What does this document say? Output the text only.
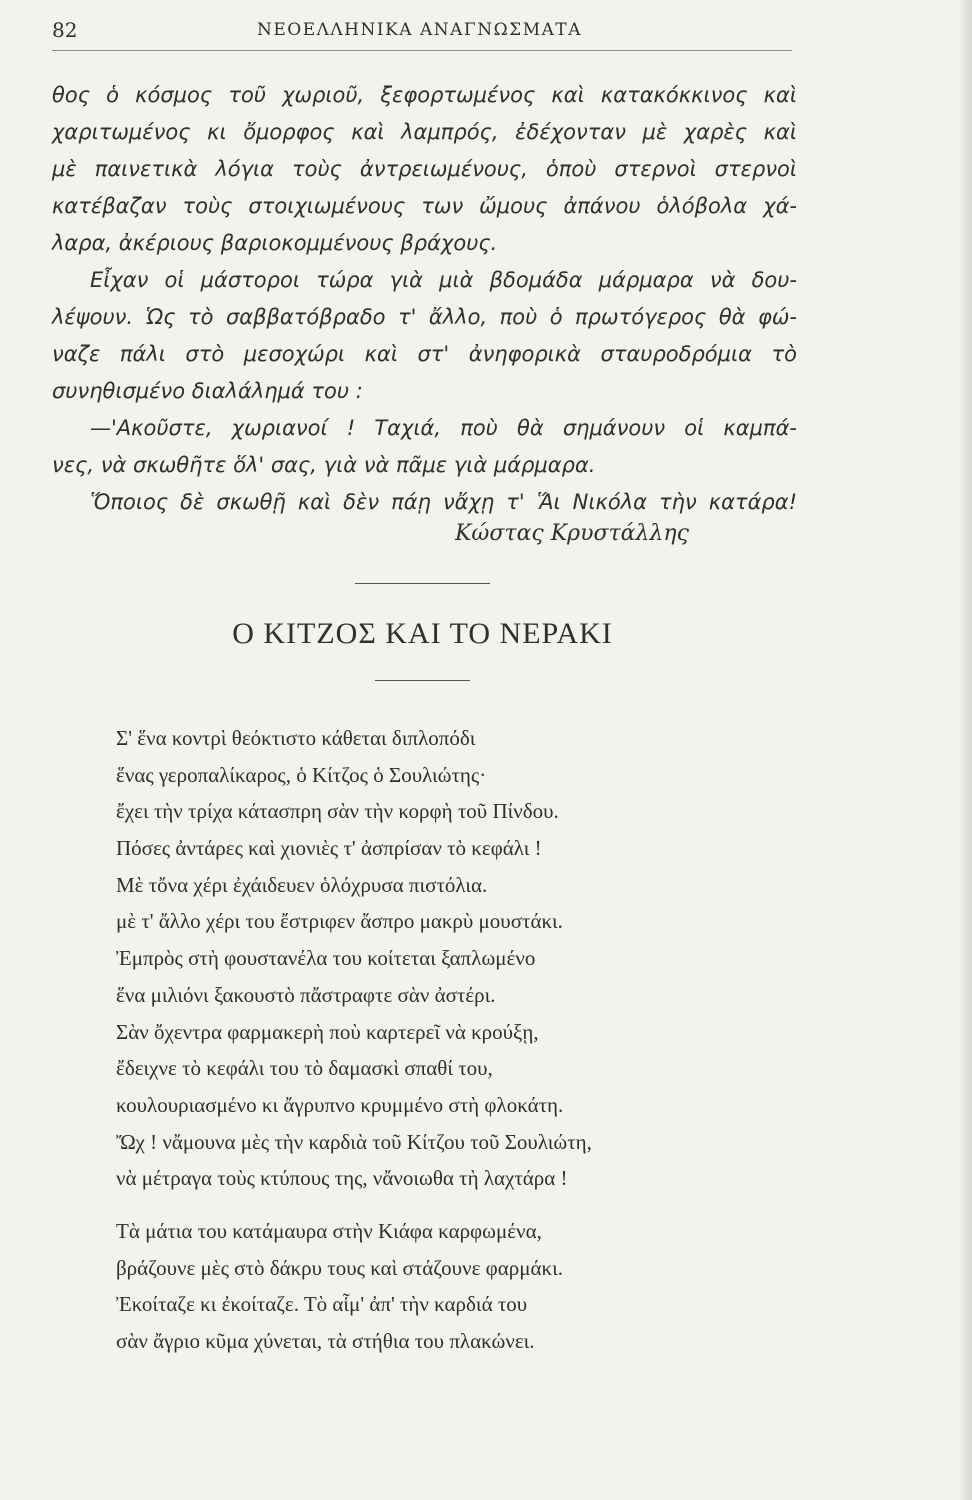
82	ΝΕΟΕΛΛΗΝΙΚΑ ΑΝΑΓΝΩΣΜΑΤΑ
θος ὁ κόσμος τοῦ χωριοῦ, ξεφορτωμένος καὶ κατακόκκινος καὶ
χαριτωμένος κι ὄμορφος καὶ λαμπρός, ἐδέχονταν μὲ χαρὲς καὶ
μὲ παινετικὰ λόγια τοὺς ἀντρειωμένους, ὁποὺ στερνοὶ στερνοὶ
κατέβαζαν τοὺς στοιχιωμένους των ὤμους ἀπάνου ὁλόβολα χά-
λαρα, ἀκέριους βαριοκομμένους βράχους.
Εἶχαν οἱ μάστοροι τώρα γιὰ μιὰ βδομάδα μάρμαρα νὰ δου-
λέψουν. Ὡς τὸ σαββατόβραδο τ' ἄλλο, ποὺ ὁ πρωτόγερος θὰ φώ-
ναζε πάλι στὸ μεσοχώρι καὶ στ' ἀνηφορικὰ σταυροδρόμια τὸ
συνηθισμένο διαλάλημά του :
—'Ακοῦστε, χωριανοί ! Ταχιά, ποὺ θὰ σημάνουν οἱ καμπά-
νες, νὰ σκωθῆτε ὅλ' σας, γιὰ νὰ πᾶμε γιὰ μάρμαρα.
Ὅποιος δὲ σκωθῇ καὶ δὲν πάῃ νἄχῃ τ' Ἅι Νικόλα τὴν κατάρα!
Κώστας Κρυστάλλης
Ο ΚΙΤΖΟΣ ΚΑΙ ΤΟ ΝΕΡΑΚΙ
Σ' ἕνα κοντρὶ θεόκτιστο κάθεται διπλοπόδι
ἕνας γεροπαλίκαρος, ὁ Κίτζος ὁ Σουλιώτης·
ἔχει τὴν τρίχα κάτασπρη σὰν τὴν κορφὴ τοῦ Πίνδου.
Πόσες ἀντάρες καὶ χιονιὲς τ' ἀσπρίσαν τὸ κεφάλι !
Μὲ τὄνα χέρι ἐχάιδευεν ὁλόχρυσα πιστόλια.
μὲ τ' ἄλλο χέρι του ἔστριφεν ἄσπρο μακρὺ μουστάκι.
Ἐμπρὸς στὴ φουστανέλα του κοίτεται ξαπλωμένο
ἕνα μιλιόνι ξακουστὸ πἄστραφτε σὰν ἀστέρι.
Σὰν ὄχεντρα φαρμακερὴ ποὺ καρτερεῖ νὰ κρούξῃ,
ἔδειχνε τὸ κεφάλι του τὸ δαμασκὶ σπαθί του,
κουλουριασμένο κι ἄγρυπνο κρυμμένο στὴ φλοκάτη.
Ὤχ ! νἄμουνα μὲς τὴν καρδιὰ τοῦ Κίτζου τοῦ Σουλιώτη,
νὰ μέτραγα τοὺς κτύπους της, νἄνοιωθα τὴ λαχτάρα !
Τὰ μάτια του κατάμαυρα στὴν Κιάφα καρφωμένα,
βράζουνε μὲς στὸ δάκρυ τους καὶ στάζουνε φαρμάκι.
Ἐκοίταζε κι ἐκοίταζε. Τὸ αἷμ' ἀπ' τὴν καρδιά του
σὰν ἄγριο κῦμα χύνεται, τὰ στήθια του πλακώνει.
